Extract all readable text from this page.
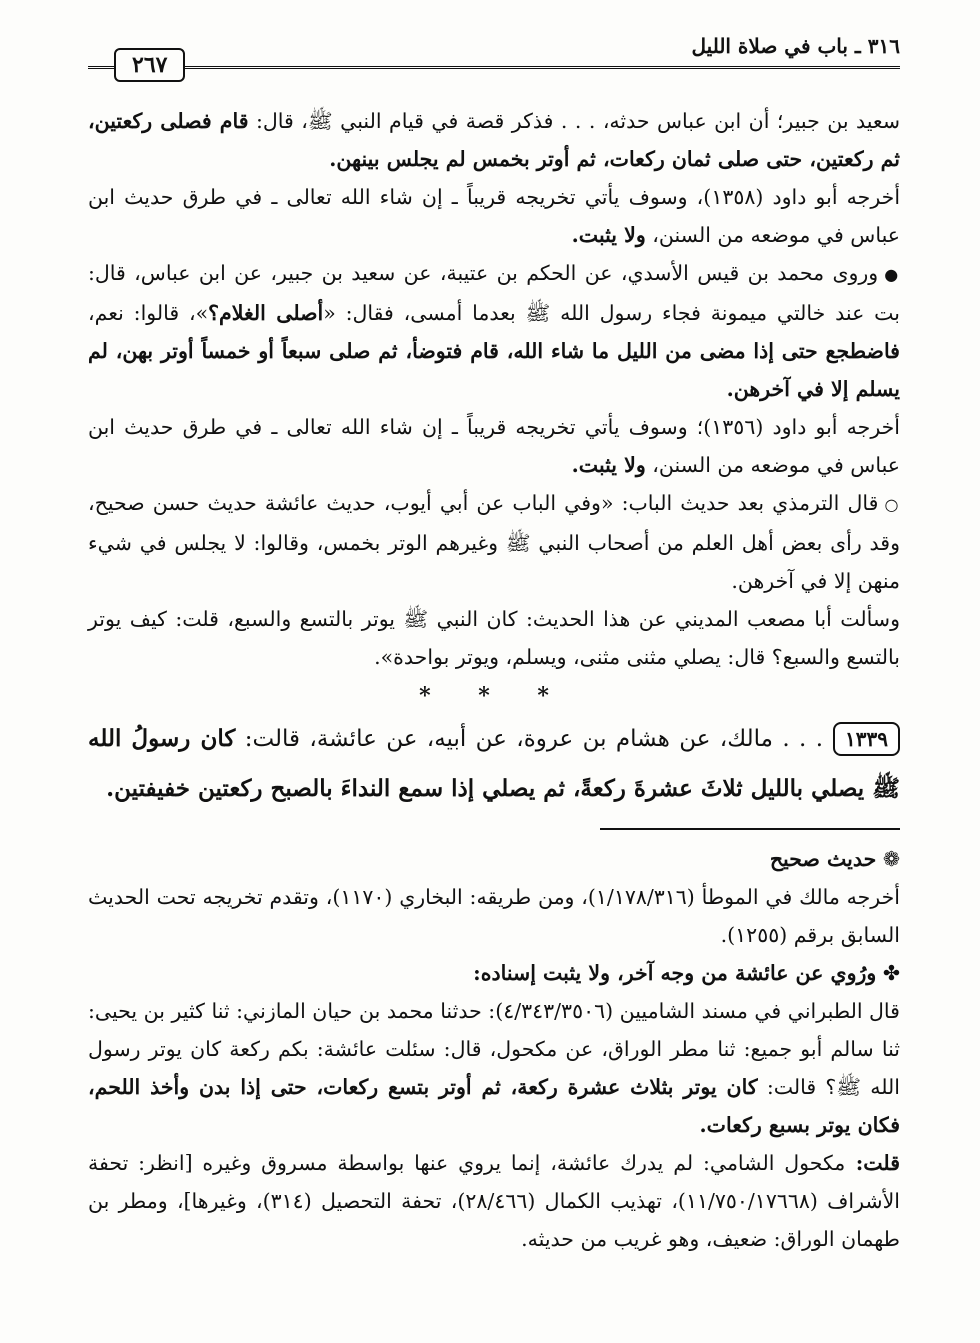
٣١٦ ـ باب في صلاة الليل
٢٦٧

سعيد بن جبير؛ أن ابن عباس حدثه، . . . فذكر قصة في قيام النبي ﷺ، قال: قام فصلى ركعتين، ثم ركعتين، حتى صلى ثمان ركعات، ثم أوتر بخمس لم يجلس بينهن.

أخرجه أبو داود (١٣٥٨)، وسوف يأتي تخريجه قريباً ـ إن شاء الله تعالى ـ في طرق حديث ابن عباس في موضعه من السنن، ولا يثبت.

●وروى محمد بن قيس الأسدي، عن الحكم بن عتيبة، عن سعيد بن جبير، عن ابن عباس، قال: بت عند خالتي ميمونة فجاء رسول الله ﷺ بعدما أمسى، فقال: «أصلى الغلام؟»، قالوا: نعم، فاضطجع حتى إذا مضى من الليل ما شاء الله، قام فتوضأ، ثم صلى سبعاً أو خمساً أوتر بهن، لم يسلم إلا في آخرهن.

أخرجه أبو داود (١٣٥٦)؛ وسوف يأتي تخريجه قريباً ـ إن شاء الله تعالى ـ في طرق حديث ابن عباس في موضعه من السنن، ولا يثبت.

○قال الترمذي بعد حديث الباب: «وفي الباب عن أبي أيوب، حديث عائشة حديث حسن صحيح، وقد رأى بعض أهل العلم من أصحاب النبي ﷺ وغيرهم الوتر بخمس، وقالوا: لا يجلس في شيء منهن إلا في آخرهن.

وسألت أبا مصعب المديني عن هذا الحديث: كان النبي ﷺ يوتر بالتسع والسبع، قلت: كيف يوتر بالتسع والسبع؟ قال: يصلي مثنى مثنى، ويسلم، ويوتر بواحدة».

* * *

١٣٣٩. . . مالك، عن هشام بن عروة، عن أبيه، عن عائشة، قالت: كان رسولُ الله ﷺ يصلي بالليل ثلاثَ عشرةَ ركعةً، ثم يصلي إذا سمع النداءَ بالصبح ركعتين خفيفتين.

❁ حديث صحيح

أخرجه مالك في الموطأ (١/١٧٨/٣١٦)، ومن طريقه: البخاري (١١٧٠)، وتقدم تخريجه تحت الحديث السابق برقم (١٢٥٥).

✤ ورُوي عن عائشة من وجه آخر، ولا يثبت إسناده:

قال الطبراني في مسند الشاميين (٤/٣٤٣/٣٥٠٦): حدثنا محمد بن حيان المازني: ثنا كثير بن يحيى: ثنا سالم أبو جميع: ثنا مطر الوراق، عن مكحول، قال: سئلت عائشة: بكم ركعة كان يوتر رسول الله ﷺ؟ قالت: كان يوتر بثلاث عشرة ركعة، ثم أوتر بتسع ركعات، حتى إذا بدن وأخذ اللحم، فكان يوتر بسبع ركعات.

قلت: مكحول الشامي: لم يدرك عائشة، إنما يروي عنها بواسطة مسروق وغيره [انظر: تحفة الأشراف (١١/٧٥٠/١٧٦٦٨)، تهذيب الكمال (٢٨/٤٦٦)، تحفة التحصيل (٣١٤)، وغيرها]، ومطر بن طهمان الوراق: ضعيف، وهو غريب من حديثه.
